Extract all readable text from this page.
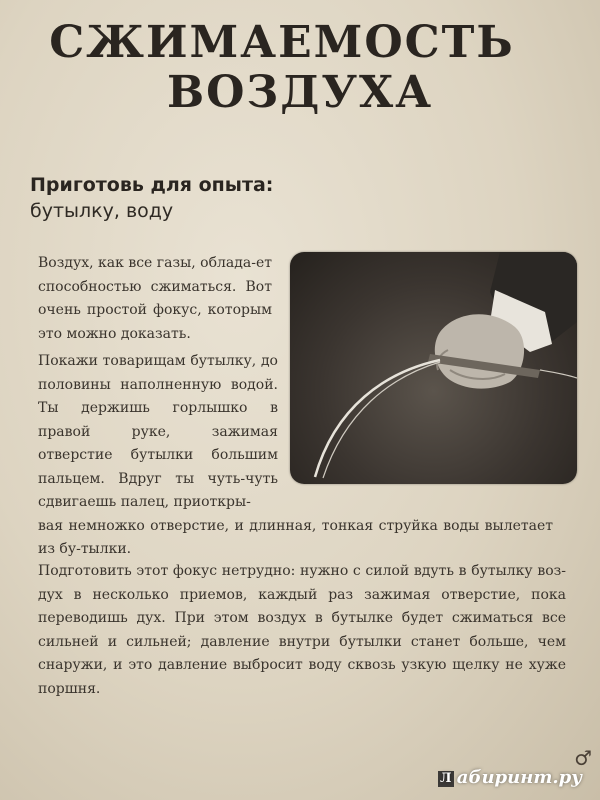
СЖИМАЕМОСТЬ
ВОЗДУХА

Приготовь для опыта:
бутылку, воду
Воздух, как все газы, облада-ет способностью сжиматься. Вот очень простой фокус, которым это можно доказать.
Покажи товарищам бутылку, до половины наполненную водой. Ты держишь горлышко в правой руке, зажимая отверстие бутылки большим пальцем. Вдруг ты чуть-чуть сдвигаешь палец, приоткры-
вая немножко отверстие, и длинная, тонкая струйка воды вылетает из бу-тылки.
Подготовить этот фокус нетрудно: нужно с силой вдуть в бутылку воз-дух в несколько приемов, каждый раз зажимая отверстие, пока переводишь дух. При этом воздух в бутылке будет сжиматься все сильней и сильней; давление внутри бутылки станет больше, чем снаружи, и это давление выбросит воду сквозь узкую щелку не хуже поршня.
♂
Л абиринт.ру
